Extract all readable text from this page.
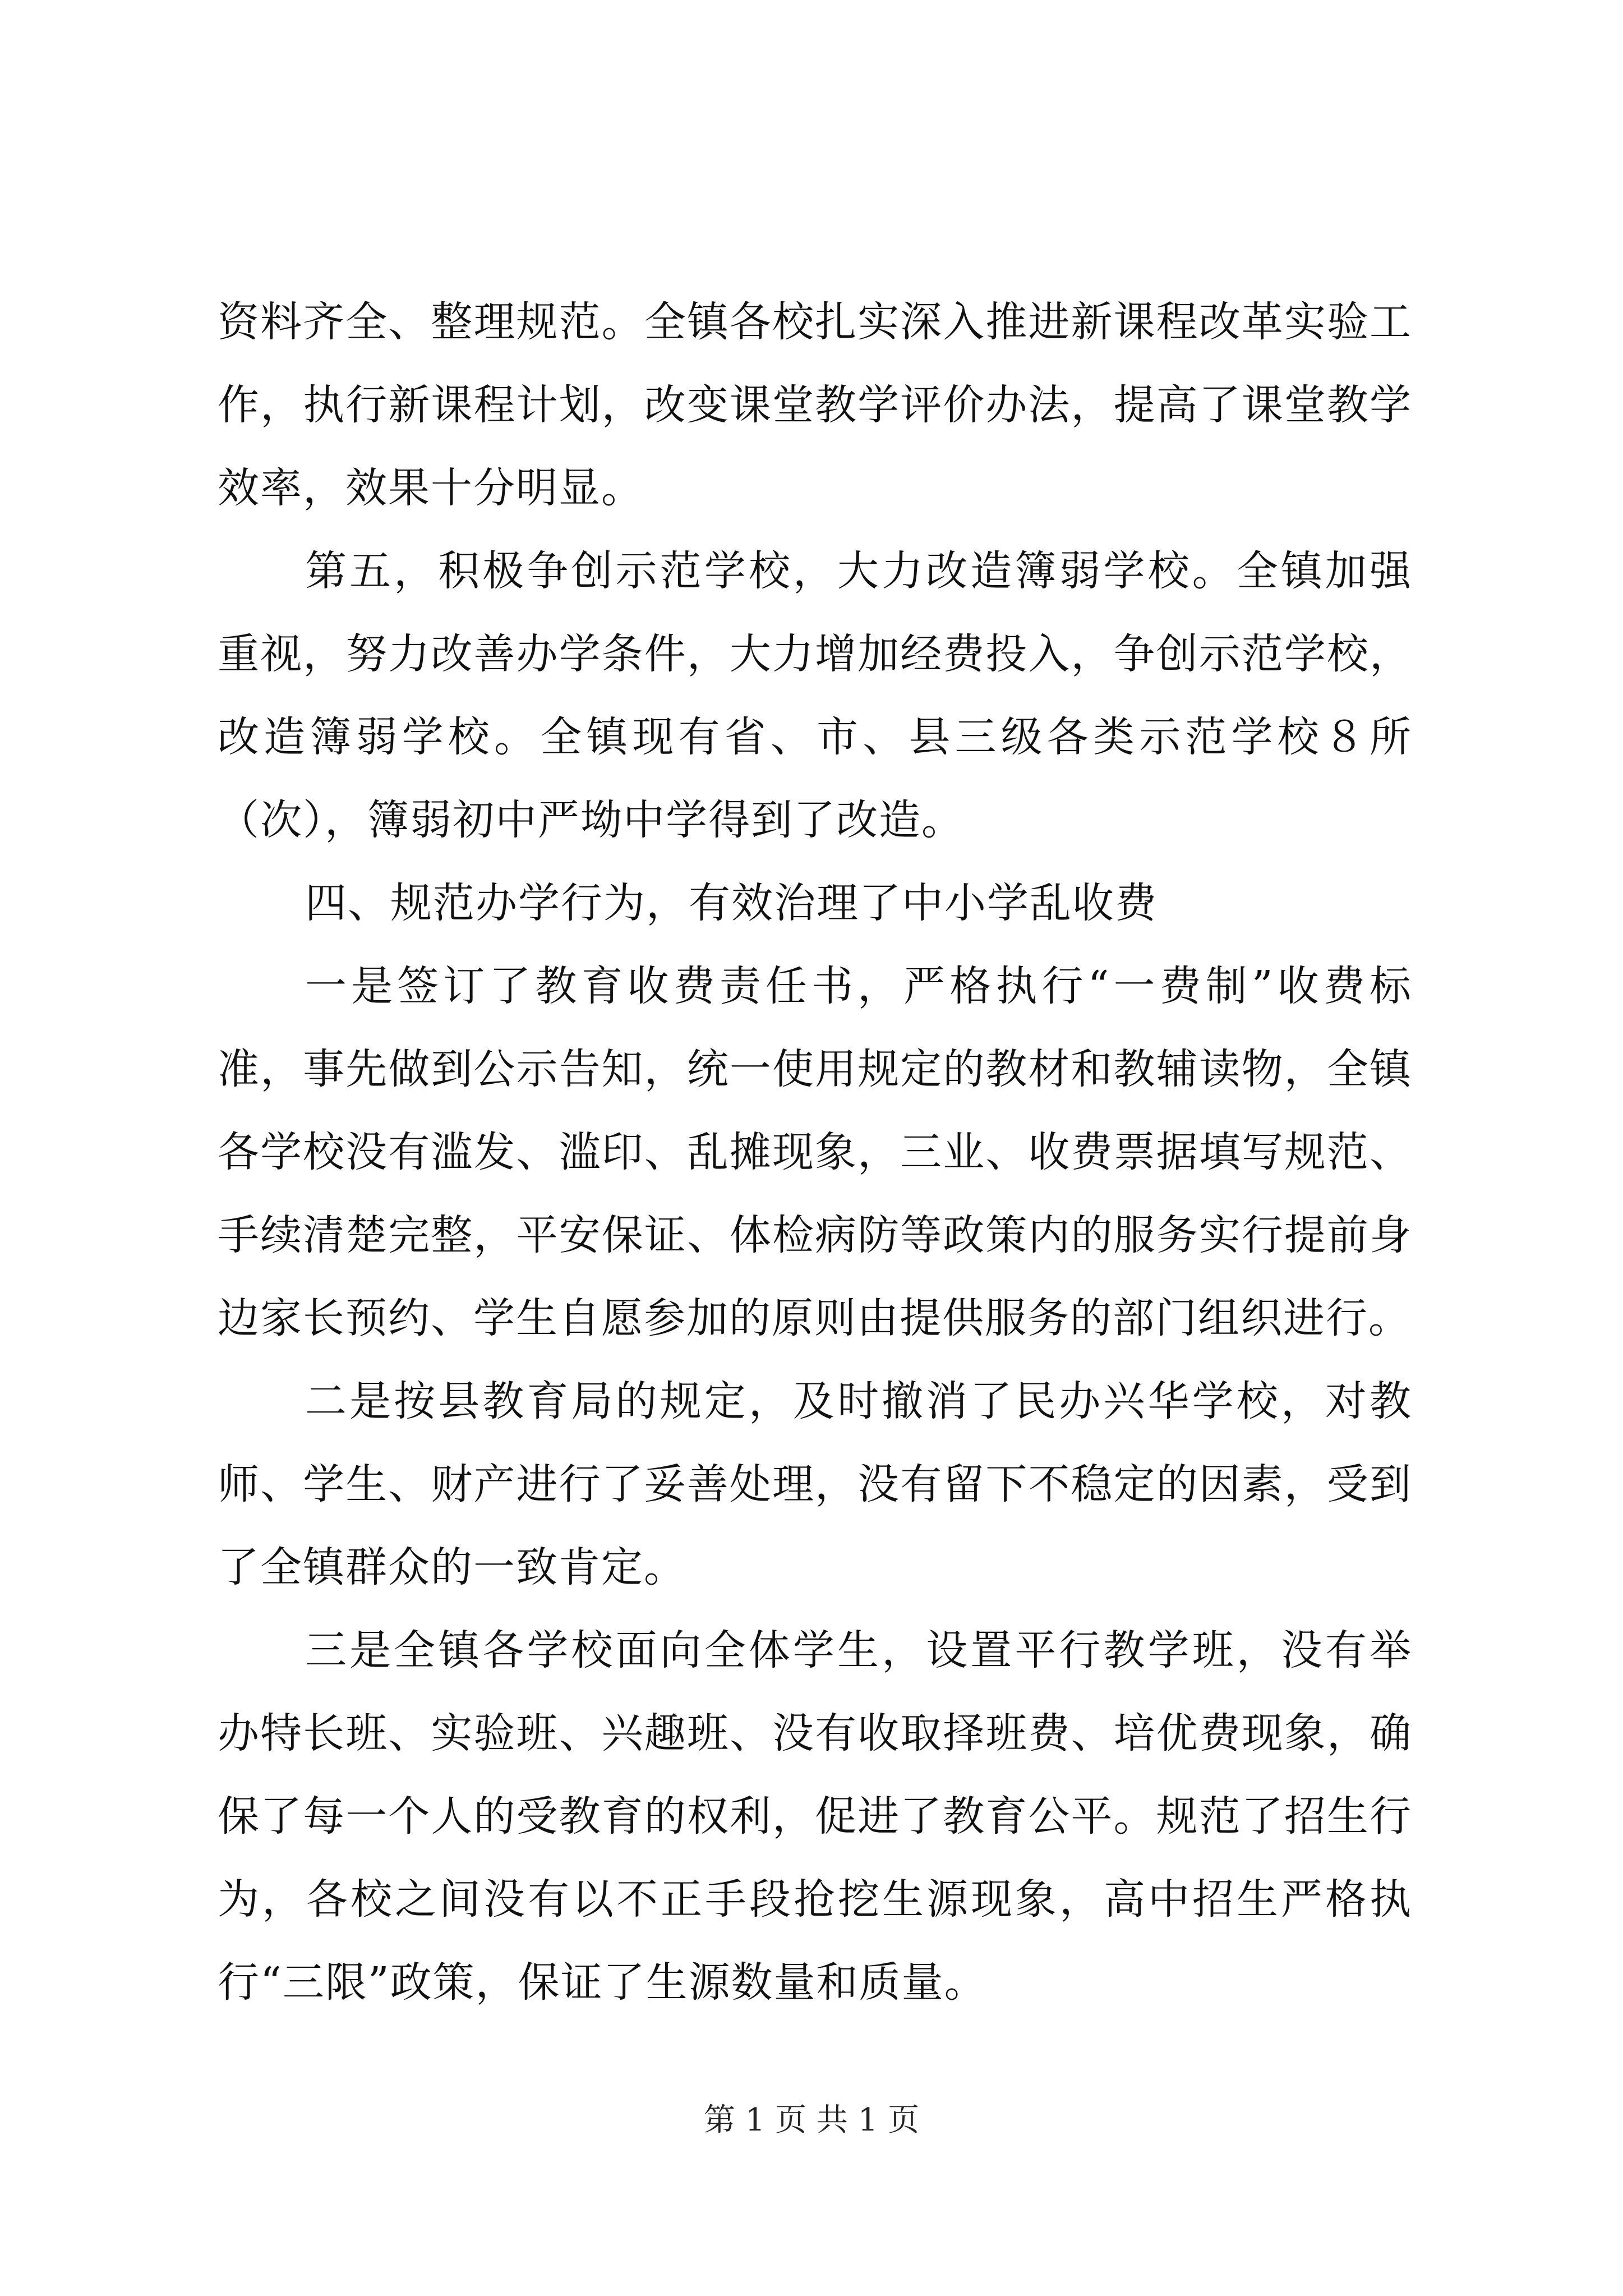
资料齐全、整理规范。全镇各校扎实深入推进新课程改革实验工作，执行新课程计划，改变课堂教学评价办法，提高了课堂教学效率，效果十分明显。

第五，积极争创示范学校，大力改造簿弱学校。全镇加强重视，努力改善办学条件，大力增加经费投入，争创示范学校，改造簿弱学校。全镇现有省、市、县三级各类示范学校８所（次），簿弱初中严坳中学得到了改造。

四、规范办学行为，有效治理了中小学乱收费

一是签订了教育收费责任书，严格执行“一费制”收费标准，事先做到公示告知，统一使用规定的教材和教辅读物，全镇各学校没有滥发、滥印、乱摊现象，三业、收费票据填写规范、手续清楚完整，平安保证、体检病防等政策内的服务实行提前身边家长预约、学生自愿参加的原则由提供服务的部门组织进行。

二是按县教育局的规定，及时撤消了民办兴华学校，对教师、学生、财产进行了妥善处理，没有留下不稳定的因素，受到了全镇群众的一致肯定。

三是全镇各学校面向全体学生，设置平行教学班，没有举办特长班、实验班、兴趣班、没有收取择班费、培优费现象，确保了每一个人的受教育的权利，促进了教育公平。规范了招生行为，各校之间没有以不正手段抢挖生源现象，高中招生严格执行“三限”政策，保证了生源数量和质量。

第 1 页 共 1 页
